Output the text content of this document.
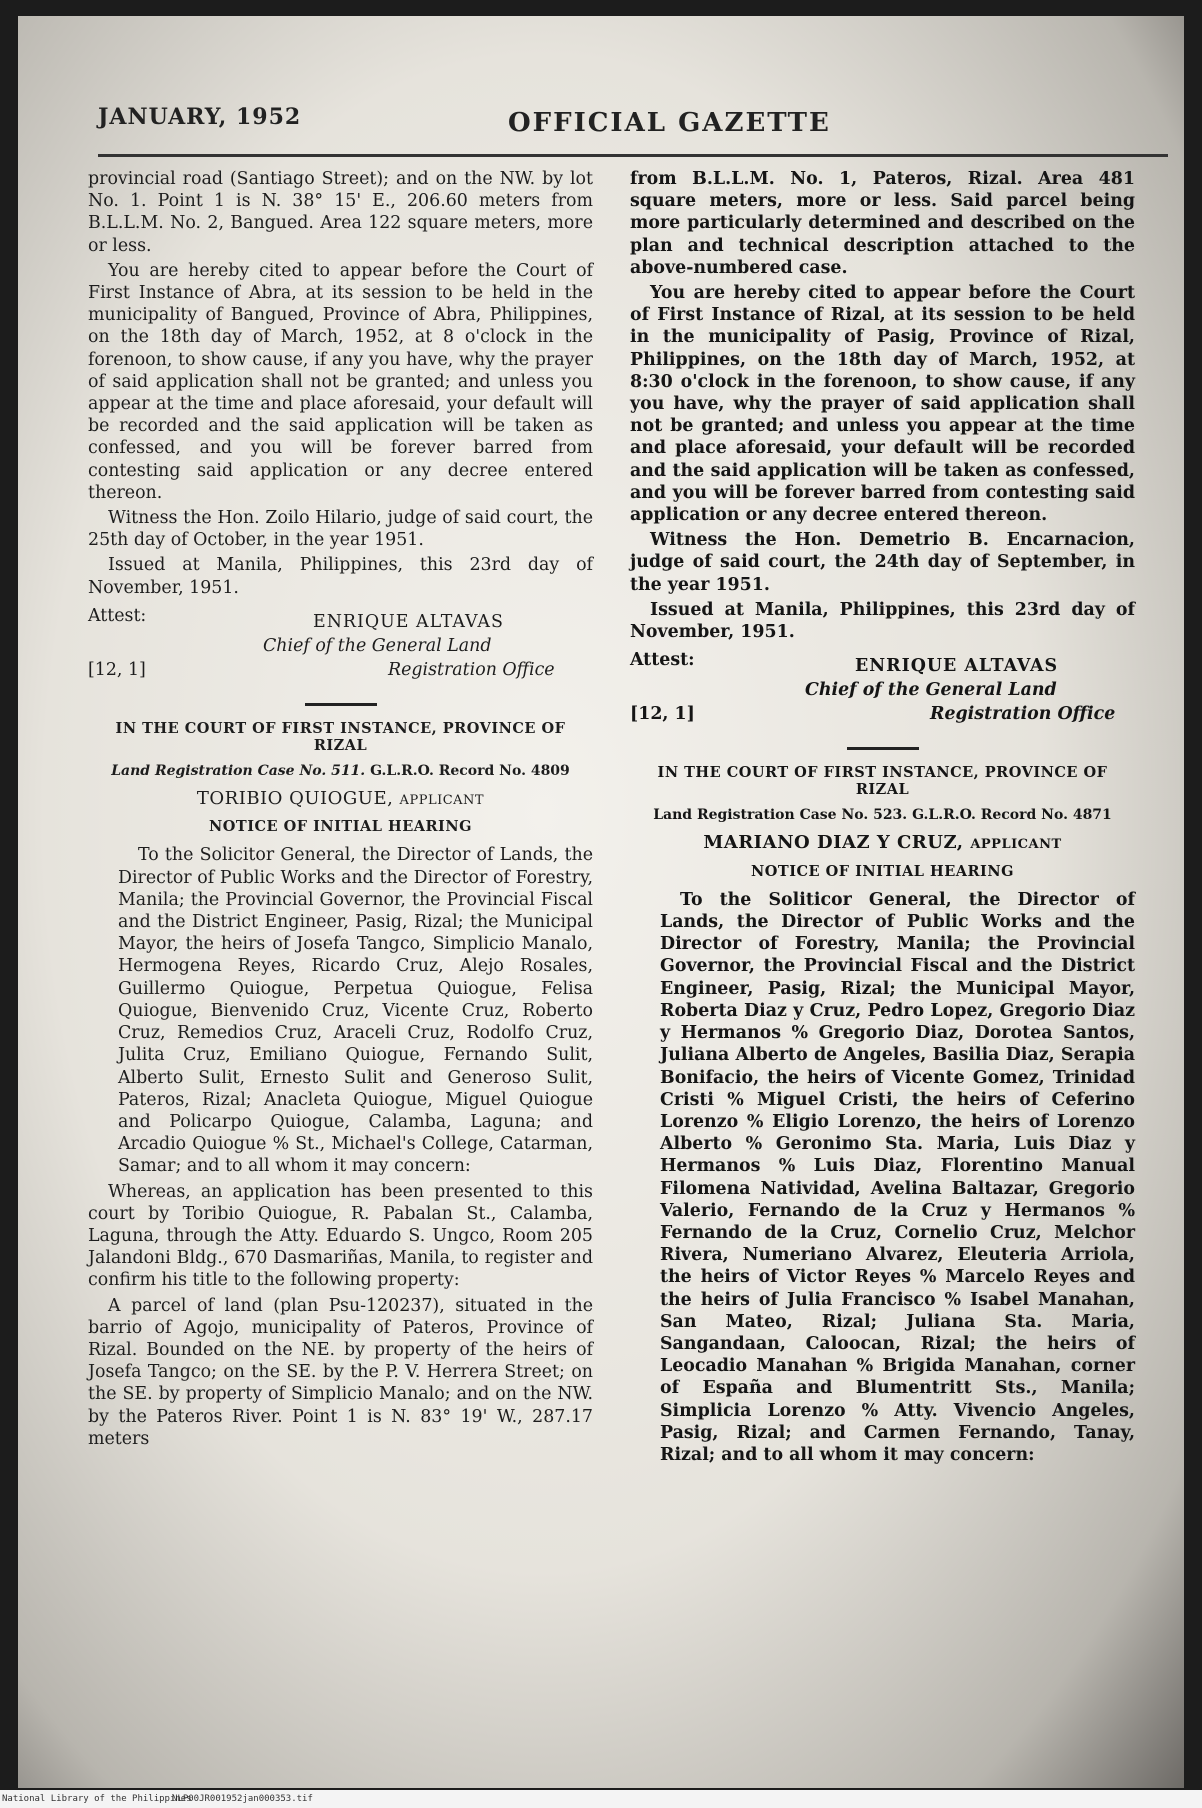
JANUARY, 1952	OFFICIAL GAZETTE

provincial road (Santiago Street); and on the NW. by lot No. 1. Point 1 is N. 38° 15' E., 206.60 meters from B.L.L.M. No. 2, Bangued. Area 122 square meters, more or less.

You are hereby cited to appear before the Court of First Instance of Abra, at its session to be held in the municipality of Bangued, Province of Abra, Philippines, on the 18th day of March, 1952, at 8 o'clock in the forenoon, to show cause, if any you have, why the prayer of said application shall not be granted; and unless you appear at the time and place aforesaid, your default will be recorded and the said application will be taken as confessed, and you will be forever barred from contesting said application or any decree entered thereon.

Witness the Hon. Zoilo Hilario, judge of said court, the 25th day of October, in the year 1951.

Issued at Manila, Philippines, this 23rd day of November, 1951.

Attest:	ENRIQUE ALTAVAS
Chief of the General Land
[12, 1]	Registration Office
IN THE COURT OF FIRST INSTANCE, PROVINCE OF RIZAL
Land Registration Case No. 511. G.L.R.O. Record No. 4809
TORIBIO QUIOGUE, applicant
NOTICE OF INITIAL HEARING

To the Solicitor General, the Director of Lands, the Director of Public Works and the Director of Forestry, Manila; the Provincial Governor, the Provincial Fiscal and the District Engineer, Pasig, Rizal; the Municipal Mayor, the heirs of Josefa Tangco, Simplicio Manalo, Hermogena Reyes, Ricardo Cruz, Alejo Rosales, Guillermo Quiogue, Perpetua Quiogue, Felisa Quiogue, Bienvenido Cruz, Vicente Cruz, Roberto Cruz, Remedios Cruz, Araceli Cruz, Rodolfo Cruz, Julita Cruz, Emiliano Quiogue, Fernando Sulit, Alberto Sulit, Ernesto Sulit and Generoso Sulit, Pateros, Rizal; Anacleta Quiogue, Miguel Quiogue and Policarpo Quiogue, Calamba, Laguna; and Arcadio Quiogue % St., Michael's College, Catarman, Samar; and to all whom it may concern:

Whereas, an application has been presented to this court by Toribio Quiogue, R. Pabalan St., Calamba, Laguna, through the Atty. Eduardo S. Ungco, Room 205 Jalandoni Bldg., 670 Dasmariñas, Manila, to register and confirm his title to the following property:

A parcel of land (plan Psu-120237), situated in the barrio of Agojo, municipality of Pateros, Province of Rizal. Bounded on the NE. by property of the heirs of Josefa Tangco; on the SE. by the P. V. Herrera Street; on the SE. by property of Simplicio Manalo; and on the NW. by the Pateros River. Point 1 is N. 83° 19' W., 287.17 meters

from B.L.L.M. No. 1, Pateros, Rizal. Area 481 square meters, more or less. Said parcel being more particularly determined and described on the plan and technical description attached to the above-numbered case.

You are hereby cited to appear before the Court of First Instance of Rizal, at its session to be held in the municipality of Pasig, Province of Rizal, Philippines, on the 18th day of March, 1952, at 8:30 o'clock in the forenoon, to show cause, if any you have, why the prayer of said application shall not be granted; and unless you appear at the time and place aforesaid, your default will be recorded and the said application will be taken as confessed, and you will be forever barred from contesting said application or any decree entered thereon.

Witness the Hon. Demetrio B. Encarnacion, judge of said court, the 24th day of September, in the year 1951.

Issued at Manila, Philippines, this 23rd day of November, 1951.

Attest:	ENRIQUE ALTAVAS
Chief of the General Land
[12, 1]	Registration Office
IN THE COURT OF FIRST INSTANCE, PROVINCE OF RIZAL
Land Registration Case No. 523. G.L.R.O. Record No. 4871
MARIANO DIAZ Y CRUZ, applicant
NOTICE OF INITIAL HEARING

To the Soliticor General, the Director of Lands, the Director of Public Works and the Director of Forestry, Manila; the Provincial Governor, the Provincial Fiscal and the District Engineer, Pasig, Rizal; the Municipal Mayor, Roberta Diaz y Cruz, Pedro Lopez, Gregorio Diaz y Hermanos % Gregorio Diaz, Dorotea Santos, Juliana Alberto de Angeles, Basilia Diaz, Serapia Bonifacio, the heirs of Vicente Gomez, Trinidad Cristi % Miguel Cristi, the heirs of Ceferino Lorenzo % Eligio Lorenzo, the heirs of Lorenzo Alberto % Geronimo Sta. Maria, Luis Diaz y Hermanos % Luis Diaz, Florentino Manual Filomena Natividad, Avelina Baltazar, Gregorio Valerio, Fernando de la Cruz y Hermanos % Fernando de la Cruz, Cornelio Cruz, Melchor Rivera, Numeriano Alvarez, Eleuteria Arriola, the heirs of Victor Reyes % Marcelo Reyes and the heirs of Julia Francisco % Isabel Manahan, San Mateo, Rizal; Juliana Sta. Maria, Sangandaan, Caloocan, Rizal; the heirs of Leocadio Manahan % Brigida Manahan, corner of España and Blumentritt Sts., Manila; Simplicia Lorenzo % Atty. Vivencio Angeles, Pasig, Rizal; and Carmen Fernando, Tanay, Rizal; and to all whom it may concern:

National Library of the Philippines
NLP00JR001952jan000353.tif
